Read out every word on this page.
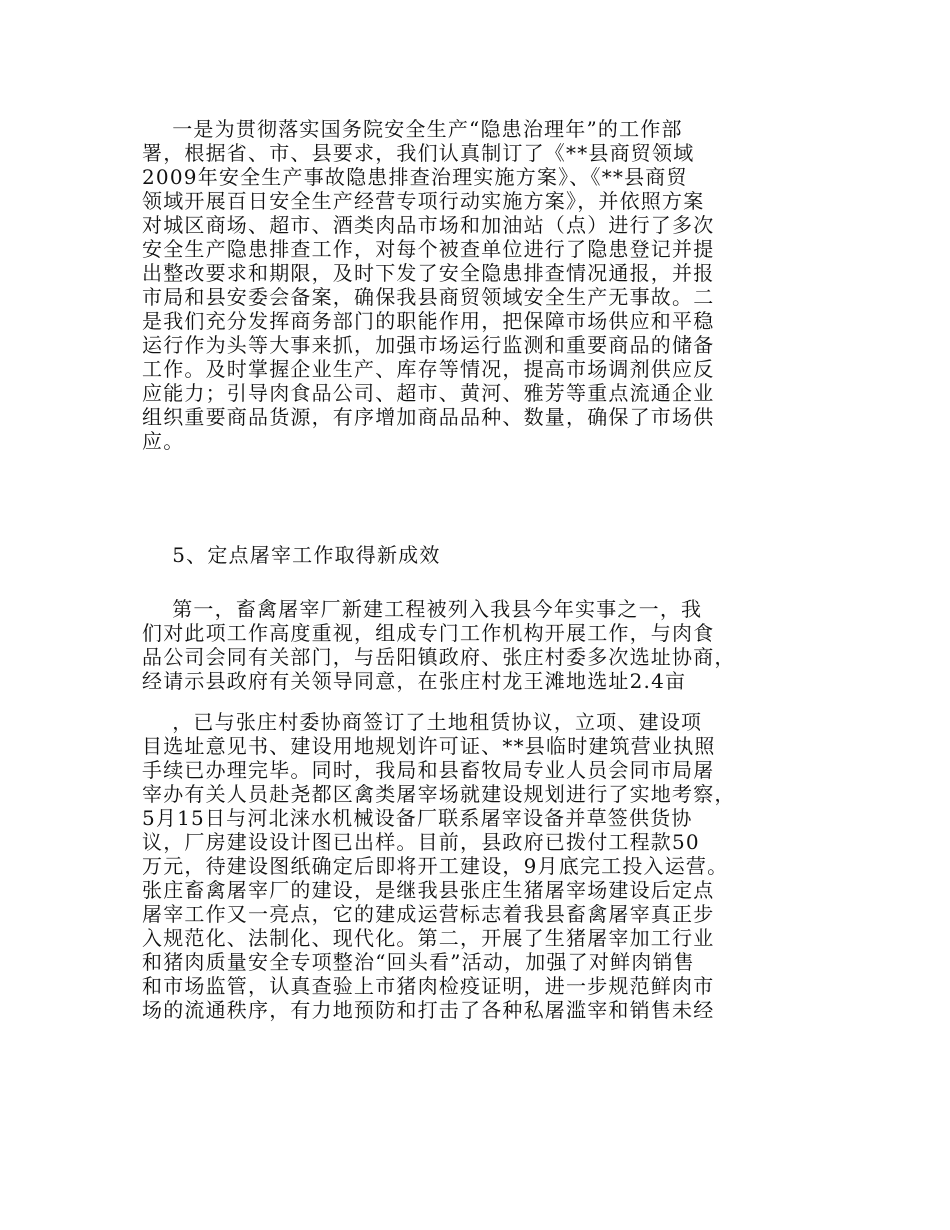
一是为贯彻落实国务院安全生产“隐患治理年”的工作部
署，根据省、市、县要求，我们认真制订了《**县商贸领域
2009年安全生产事故隐患排查治理实施方案》、《**县商贸
领域开展百日安全生产经营专项行动实施方案》，并依照方案
对城区商场、超市、酒类肉品市场和加油站（点）进行了多次
安全生产隐患排查工作，对每个被查单位进行了隐患登记并提
出整改要求和期限，及时下发了安全隐患排查情况通报，并报
市局和县安委会备案，确保我县商贸领域安全生产无事故。二
是我们充分发挥商务部门的职能作用，把保障市场供应和平稳
运行作为头等大事来抓，加强市场运行监测和重要商品的储备
工作。及时掌握企业生产、库存等情况，提高市场调剂供应反
应能力；引导肉食品公司、超市、黄河、雅芳等重点流通企业
组织重要商品货源，有序增加商品品种、数量，确保了市场供
应。
5、定点屠宰工作取得新成效
第一，畜禽屠宰厂新建工程被列入我县今年实事之一，我
们对此项工作高度重视，组成专门工作机构开展工作，与肉食
品公司会同有关部门，与岳阳镇政府、张庄村委多次选址协商，
经请示县政府有关领导同意，在张庄村龙王滩地选址2.4亩
，已与张庄村委协商签订了土地租赁协议，立项、建设项
目选址意见书、建设用地规划许可证、**县临时建筑营业执照
手续已办理完毕。同时，我局和县畜牧局专业人员会同市局屠
宰办有关人员赴尧都区禽类屠宰场就建设规划进行了实地考察，
5月15日与河北涞水机械设备厂联系屠宰设备并草签供货协
议，厂房建设设计图已出样。目前，县政府已拨付工程款50
万元，待建设图纸确定后即将开工建设，9月底完工投入运营。
张庄畜禽屠宰厂的建设，是继我县张庄生猪屠宰场建设后定点
屠宰工作又一亮点，它的建成运营标志着我县畜禽屠宰真正步
入规范化、法制化、现代化。第二，开展了生猪屠宰加工行业
和猪肉质量安全专项整治“回头看”活动，加强了对鲜肉销售
和市场监管，认真查验上市猪肉检疫证明，进一步规范鲜肉市
场的流通秩序，有力地预防和打击了各种私屠滥宰和销售未经
